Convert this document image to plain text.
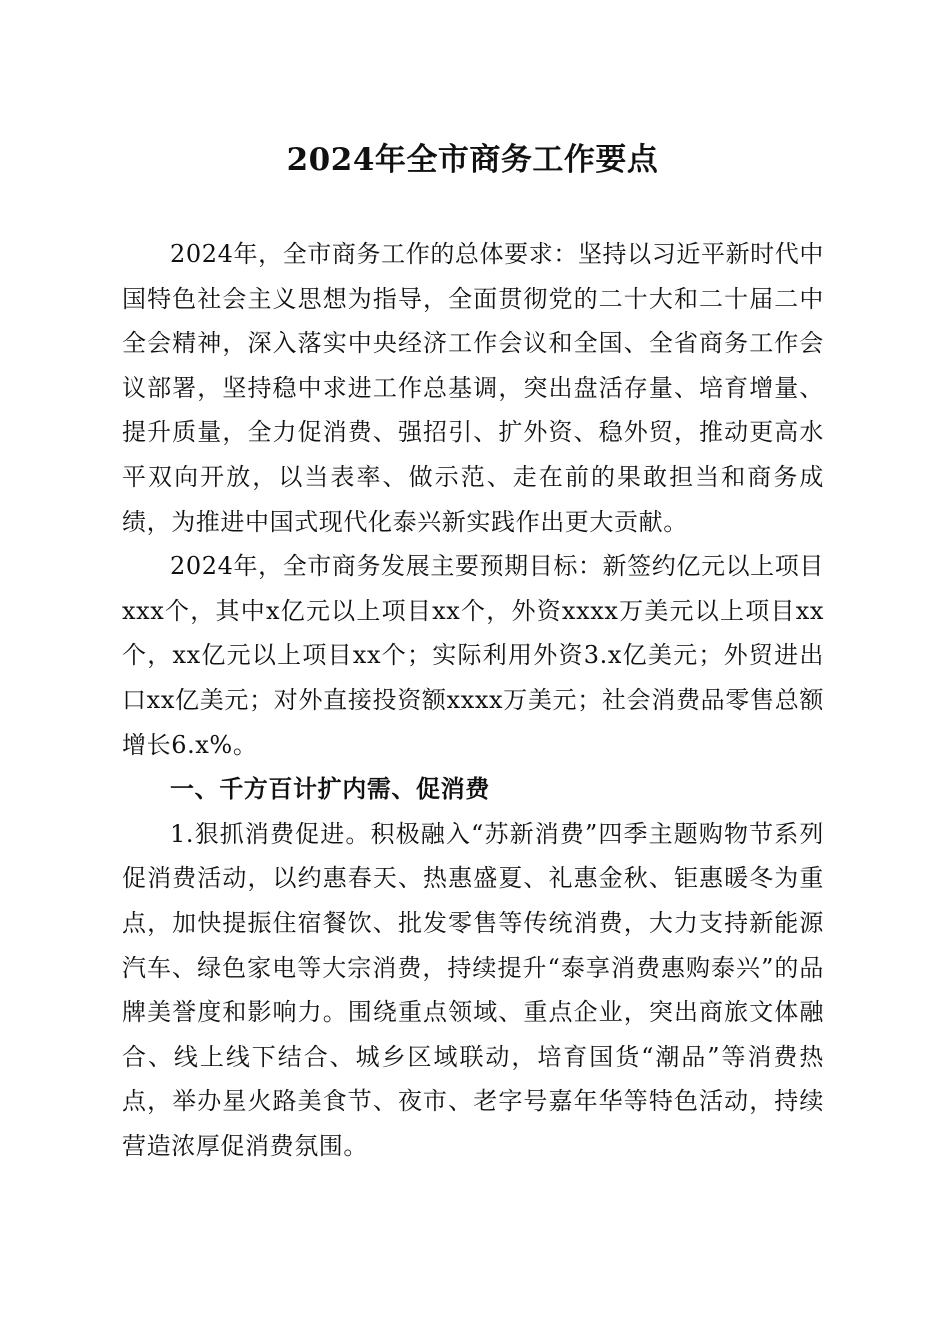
2024年全市商务工作要点

2024年，全市商务工作的总体要求：坚持以习近平新时代中国特色社会主义思想为指导，全面贯彻党的二十大和二十届二中全会精神，深入落实中央经济工作会议和全国、全省商务工作会议部署，坚持稳中求进工作总基调，突出盘活存量、培育增量、提升质量，全力促消费、强招引、扩外资、稳外贸，推动更高水平双向开放，以当表率、做示范、走在前的果敢担当和商务成绩，为推进中国式现代化泰兴新实践作出更大贡献。

2024年，全市商务发展主要预期目标：新签约亿元以上项目xxx个，其中x亿元以上项目xx个，外资xxxx万美元以上项目xx个，xx亿元以上项目xx个；实际利用外资3.x亿美元；外贸进出口xx亿美元；对外直接投资额xxxx万美元；社会消费品零售总额增长6.x%。

一、千方百计扩内需、促消费

1.狠抓消费促进。积极融入“苏新消费”四季主题购物节系列促消费活动，以约惠春天、热惠盛夏、礼惠金秋、钜惠暖冬为重点，加快提振住宿餐饮、批发零售等传统消费，大力支持新能源汽车、绿色家电等大宗消费，持续提升“泰享消费惠购泰兴”的品牌美誉度和影响力。围绕重点领域、重点企业，突出商旅文体融合、线上线下结合、城乡区域联动，培育国货“潮品”等消费热点，举办星火路美食节、夜市、老字号嘉年华等特色活动，持续营造浓厚促消费氛围。
